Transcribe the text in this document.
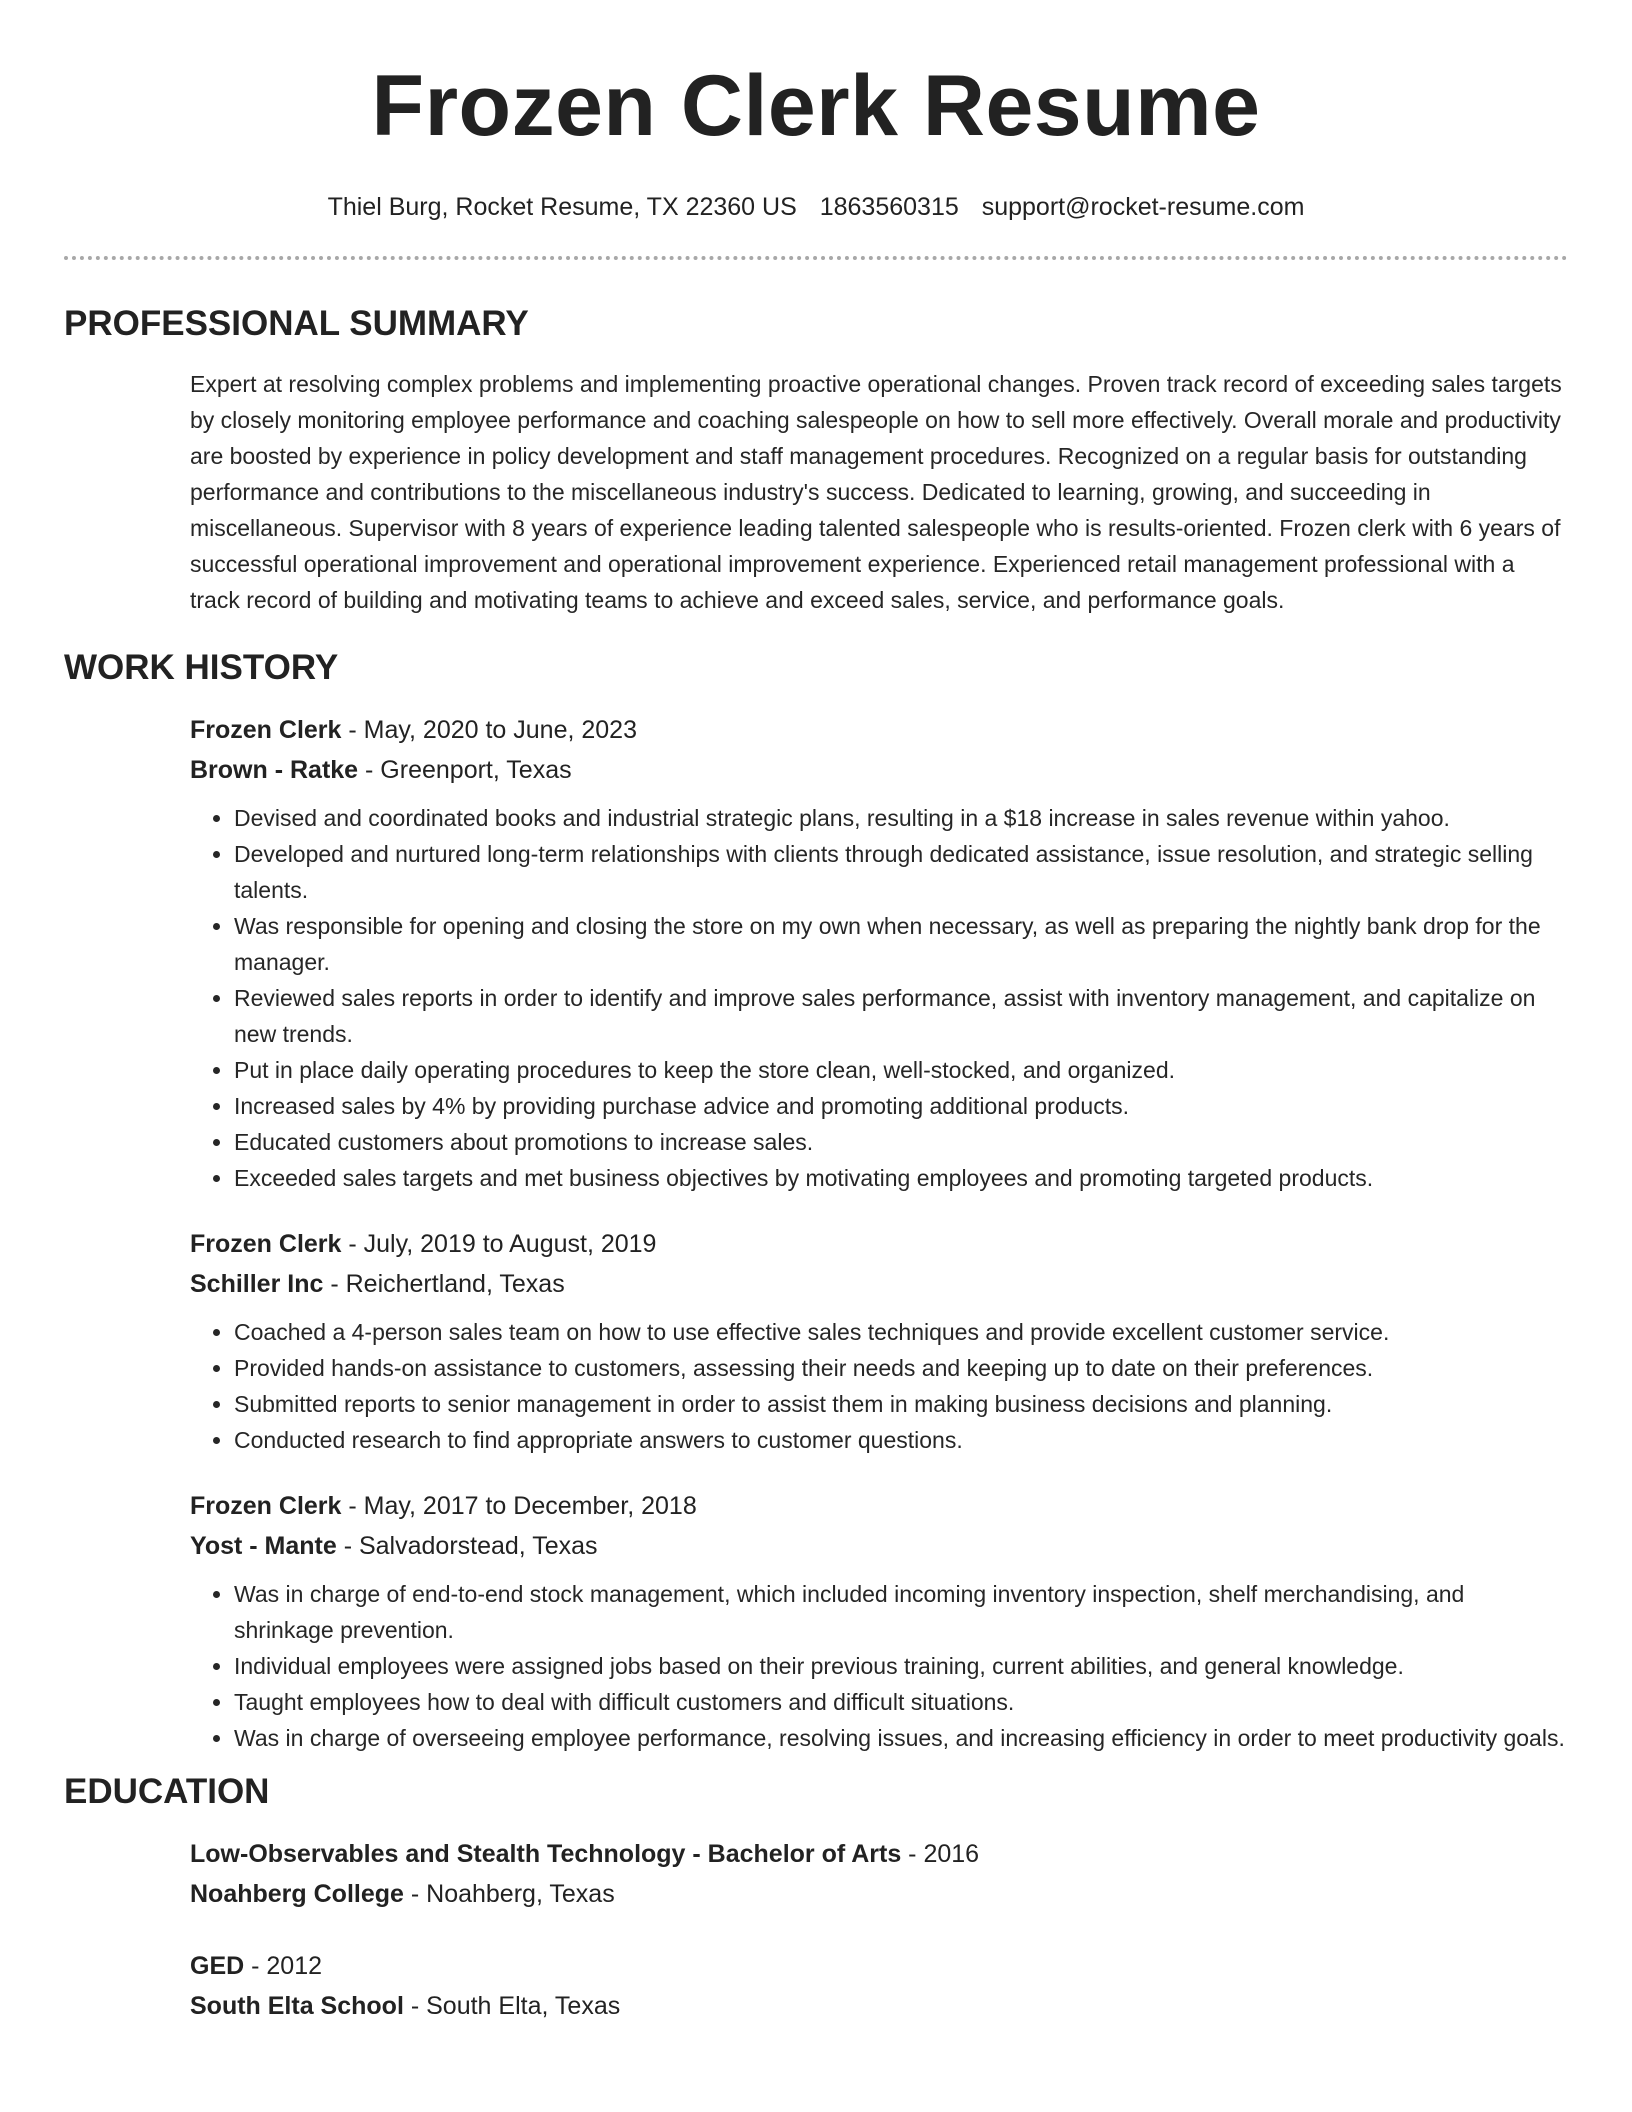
Frozen Clerk Resume
Thiel Burg, Rocket Resume, TX 22360 US 1863560315 support@rocket-resume.com
PROFESSIONAL SUMMARY

Expert at resolving complex problems and implementing proactive operational changes. Proven track record of exceeding sales targets by closely monitoring employee performance and coaching salespeople on how to sell more effectively. Overall morale and productivity are boosted by experience in policy development and staff management procedures. Recognized on a regular basis for outstanding performance and contributions to the miscellaneous industry's success. Dedicated to learning, growing, and succeeding in miscellaneous. Supervisor with 8 years of experience leading talented salespeople who is results-oriented. Frozen clerk with 6 years of successful operational improvement and operational improvement experience. Experienced retail management professional with a track record of building and motivating teams to achieve and exceed sales, service, and performance goals.

WORK HISTORY
Frozen Clerk - May, 2020 to June, 2023
Brown - Ratke - Greenport, Texas
• Devised and coordinated books and industrial strategic plans, resulting in a $18 increase in sales revenue within yahoo.
• Developed and nurtured long-term relationships with clients through dedicated assistance, issue resolution, and strategic selling talents.
• Was responsible for opening and closing the store on my own when necessary, as well as preparing the nightly bank drop for the manager.
• Reviewed sales reports in order to identify and improve sales performance, assist with inventory management, and capitalize on new trends.
• Put in place daily operating procedures to keep the store clean, well-stocked, and organized.
• Increased sales by 4% by providing purchase advice and promoting additional products.
• Educated customers about promotions to increase sales.
• Exceeded sales targets and met business objectives by motivating employees and promoting targeted products.
Frozen Clerk - July, 2019 to August, 2019
Schiller Inc - Reichertland, Texas
• Coached a 4-person sales team on how to use effective sales techniques and provide excellent customer service.
• Provided hands-on assistance to customers, assessing their needs and keeping up to date on their preferences.
• Submitted reports to senior management in order to assist them in making business decisions and planning.
• Conducted research to find appropriate answers to customer questions.
Frozen Clerk - May, 2017 to December, 2018
Yost - Mante - Salvadorstead, Texas
• Was in charge of end-to-end stock management, which included incoming inventory inspection, shelf merchandising, and shrinkage prevention.
• Individual employees were assigned jobs based on their previous training, current abilities, and general knowledge.
• Taught employees how to deal with difficult customers and difficult situations.
• Was in charge of overseeing employee performance, resolving issues, and increasing efficiency in order to meet productivity goals.
EDUCATION
Low-Observables and Stealth Technology - Bachelor of Arts - 2016
Noahberg College - Noahberg, Texas
GED - 2012
South Elta School - South Elta, Texas
